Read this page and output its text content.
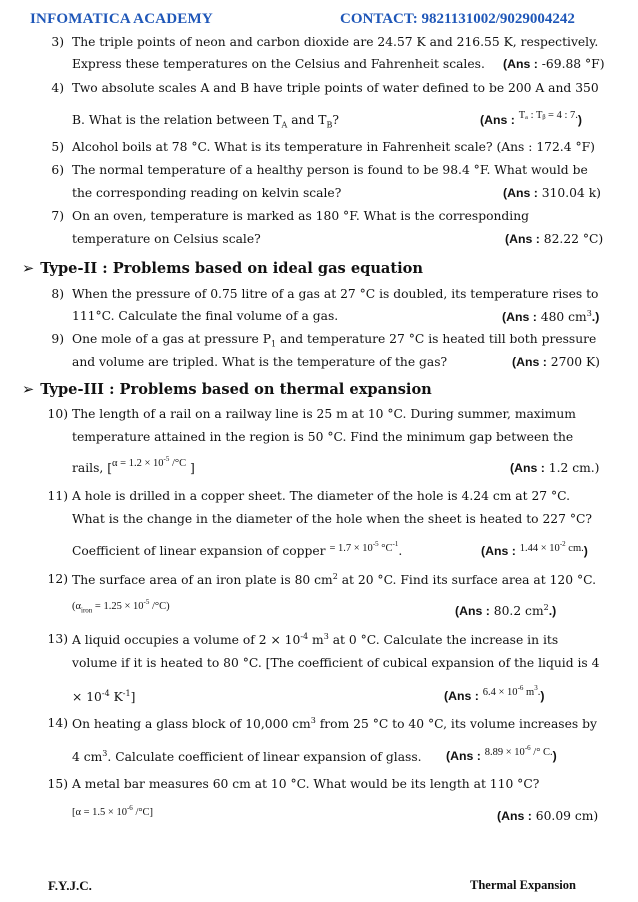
INFOMATICA ACADEMY	CONTACT: 9821131002/9029004242
3) The triple points of neon and carbon dioxide are 24.57 K and 216.55 K, respectively.
Express these temperatures on the Celsius and Fahrenheit scales. (Ans : -69.88 °F)
4) Two absolute scales A and B have triple points of water defined to be 200 A and 350
B. What is the relation between $T_A$ and $T_B$?	(Ans : Tₐ : Tᵦ = 4 : 7.)
5) Alcohol boils at 78 °C. What is its temperature in Fahrenheit scale? (Ans : 172.4 °F)
6) The normal temperature of a healthy person is found to be 98.4 °F. What would be
the corresponding reading on kelvin scale?	(Ans : 310.04 k)
7) On an oven, temperature is marked as 180 °F. What is the corresponding
temperature on Celsius scale?	(Ans : 82.22 °C)
➢ Type-II : Problems based on ideal gas equation
8) When the pressure of 0.75 litre of a gas at 27 °C is doubled, its temperature rises to
111°C. Calculate the final volume of a gas.	(Ans : 480 $cm^3$.)
9) One mole of a gas at pressure $P_1$ and temperature 27 °C is heated till both pressure
and volume are tripled. What is the temperature of the gas?	(Ans : 2700 K)
➢ Type-III : Problems based on thermal expansion
10) The length of a rail on a railway line is 25 m at 10 °C. During summer, maximum
temperature attained in the region is 50 °C. Find the minimum gap between the
rails, [$\alpha = 1.2 \times 10^{-5}$ /°C ]	(Ans : 1.2 cm.)
11) A hole is drilled in a copper sheet. The diameter of the hole is 4.24 cm at 27 °C.
What is the change in the diameter of the hole when the sheet is heated to 227 °C?
Coefficient of linear expansion of copper = $1.7 \times 10^{-5}$ $^\circ C^{-1}$.	(Ans : $1.44 \times 10^{-2}$ cm.)
12) The surface area of an iron plate is 80 $cm^2$ at 20 °C. Find its surface area at 120 °C.
($\alpha_{iron} = 1.25 \times 10^{-5}$ /°C)	(Ans : 80.2 $cm^2$.)
13) A liquid occupies a volume of $2 \times 10^{-4}$ $m^3$ at 0 °C. Calculate the increase in its
volume if it is heated to 80 °C. [The coefficient of cubical expansion of the liquid is 4
× $10^{-4}$ $K^{-1}$]	(Ans : $6.4 \times 10^{-6}$ $m^3$.)
14) On heating a glass block of 10,000 $cm^3$ from 25 °C to 40 °C, its volume increases by
4 $cm^3$. Calculate coefficient of linear expansion of glass. (Ans : $8.89 \times 10^{-6}$ /° C.)
15) A metal bar measures 60 cm at 10 °C. What would be its length at 110 °C?
[$\alpha = 1.5 \times 10^{-6}$ /°C]	(Ans : 60.09 cm)
F.Y.J.C.	Thermal Expansion
